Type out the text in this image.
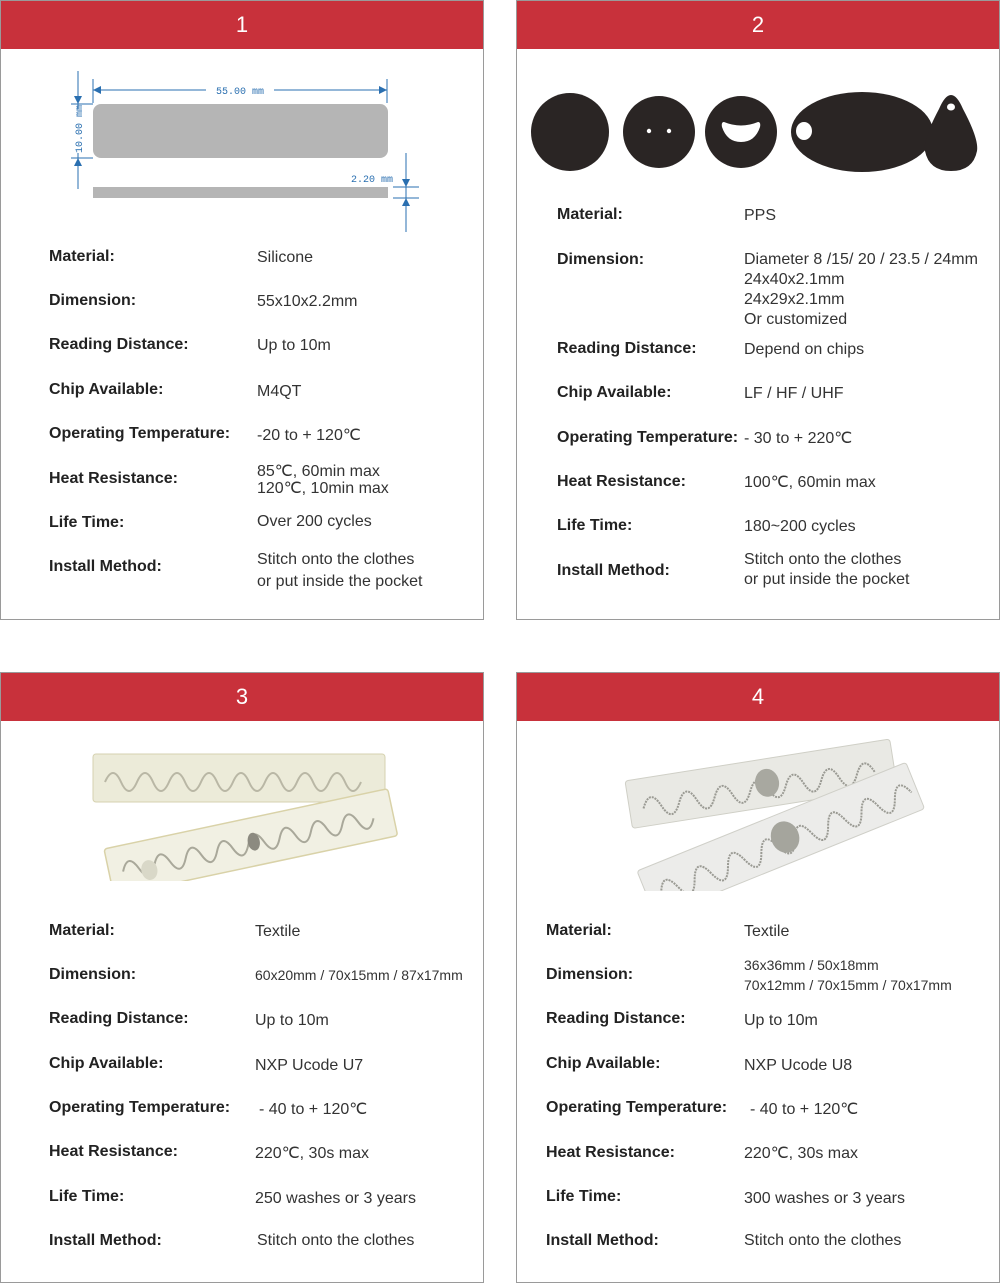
1
55.00 mm
10.00 mm
2.20 mm
Material:	Silicone
Dimension:	55x10x2.2mm
Reading Distance:	Up to 10m
Chip Available:	M4QT
Operating Temperature: -20 to + 120℃
Heat Resistance:	85℃, 60min max
120℃, 10min max
Life Time:	Over 200 cycles
Install Method:	Stitch onto the clothes
or put inside the pocket
2
Material:	PPS
Dimension:	Diameter 8 /15/ 20 / 23.5 / 24mm
24x40x2.1mm
24x29x2.1mm
Or customized
Reading Distance:	Depend on chips
Chip Available:	LF / HF / UHF
Operating Temperature: - 30 to + 220℃
Heat Resistance:	100℃, 60min max
Life Time:	180~200 cycles
Install Method:
Stitch onto the clothes
or put inside the pocket
3
Material:	Textile
Dimension:	60x20mm / 70x15mm / 87x17mm
Reading Distance:	Up to 10m
Chip Available:	NXP Ucode U7
Operating Temperature: - 40 to + 120℃
Heat Resistance:	220℃, 30s max
Life Time:	250 washes or 3 years
Install Method:	Stitch onto the clothes
4
Material:	Textile
Dimension:
36x36mm / 50x18mm
70x12mm / 70x15mm / 70x17mm
Reading Distance:	Up to 10m
Chip Available:	NXP Ucode U8
Operating Temperature: - 40 to + 120℃
Heat Resistance:	220℃, 30s max
Life Time:	300 washes or 3 years
Install Method:	Stitch onto the clothes
